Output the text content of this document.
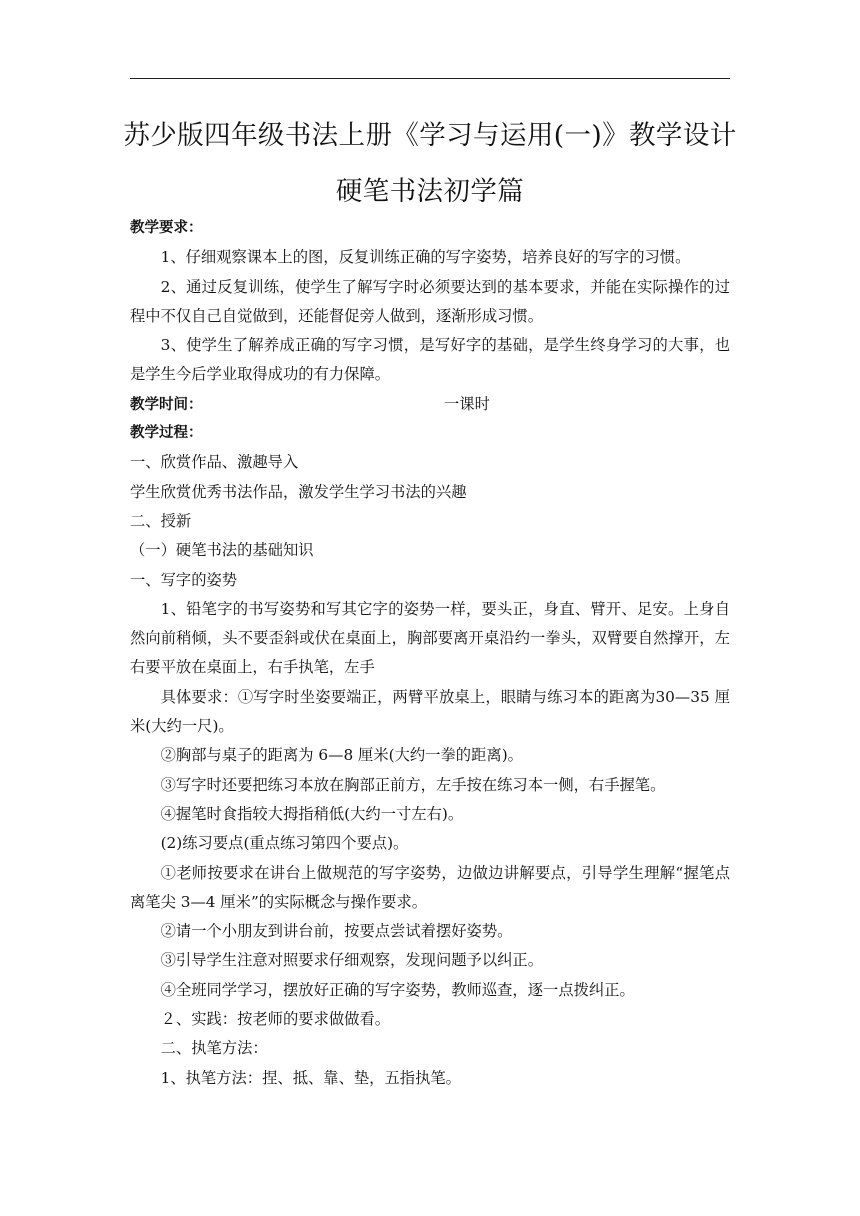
苏少版四年级书法上册《学习与运用(一)》教学设计
硬笔书法初学篇

教学要求：

1、仔细观察课本上的图，反复训练正确的写字姿势，培养良好的写字的习惯。

2、通过反复训练，使学生了解写字时必须要达到的基本要求，并能在实际操作的过程中不仅自己自觉做到，还能督促旁人做到，逐渐形成习惯。

3、使学生了解养成正确的写字习惯，是写好字的基础，是学生终身学习的大事，也是学生今后学业取得成功的有力保障。

教学时间：	一课时

教学过程：

一、欣赏作品、激趣导入

学生欣赏优秀书法作品，激发学生学习书法的兴趣

二、授新

（一）硬笔书法的基础知识

一、写字的姿势

1、铅笔字的书写姿势和写其它字的姿势一样，要头正，身直、臂开、足安。上身自然向前稍倾，头不要歪斜或伏在桌面上，胸部要离开桌沿约一拳头，双臂要自然撑开，左右要平放在桌面上，右手执笔，左手

具体要求：①写字时坐姿要端正，两臂平放桌上，眼睛与练习本的距离为30—35 厘米(大约一尺)。

②胸部与桌子的距离为 6—8 厘米(大约一拳的距离)。

③写字时还要把练习本放在胸部正前方，左手按在练习本一侧，右手握笔。

④握笔时食指较大拇指稍低(大约一寸左右)。

(2)练习要点(重点练习第四个要点)。

①老师按要求在讲台上做规范的写字姿势，边做边讲解要点，引导学生理解“握笔点离笔尖 3—4 厘米”的实际概念与操作要求。

②请一个小朋友到讲台前，按要点尝试着摆好姿势。

③引导学生注意对照要求仔细观察，发现问题予以纠正。

④全班同学学习，摆放好正确的写字姿势，教师巡查，逐一点拨纠正。

２、实践：按老师的要求做做看。

二、执笔方法：

1、执笔方法：捏、抵、靠、垫，五指执笔。
